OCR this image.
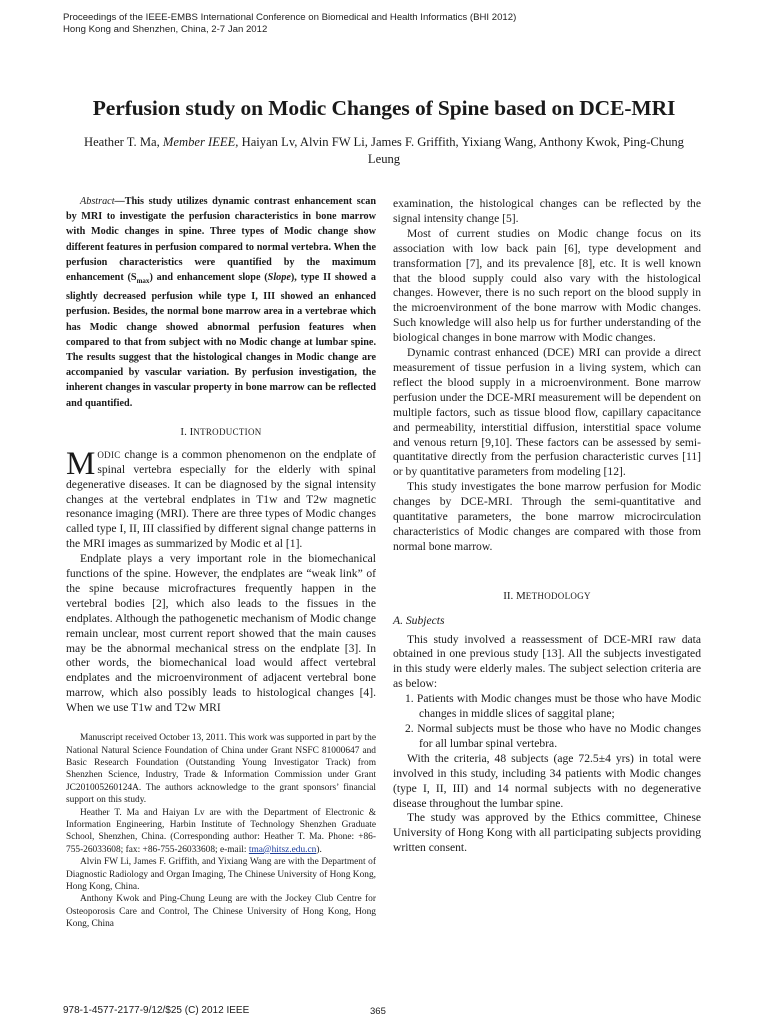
Proceedings of the IEEE-EMBS International Conference on Biomedical and Health Informatics (BHI 2012)
Hong Kong and Shenzhen, China, 2-7 Jan 2012
Perfusion study on Modic Changes of Spine based on DCE-MRI
Heather T. Ma, Member IEEE, Haiyan Lv, Alvin FW Li, James F. Griffith, Yixiang Wang, Anthony Kwok, Ping-Chung Leung

Abstract—This study utilizes dynamic contrast enhancement scan by MRI to investigate the perfusion characteristics in bone marrow with Modic changes in spine. Three types of Modic change show different features in perfusion compared to normal vertebra. When the perfusion characteristics were quantified by the maximum enhancement $(S_{max})$ and enhancement slope (Slope), type II showed a slightly decreased perfusion while type I, III showed an enhanced perfusion. Besides, the normal bone marrow area in a vertebrae which has Modic change showed abnormal perfusion features when compared to that from subject with no Modic change at lumbar spine. The results suggest that the histological changes in Modic change are accompanied by vascular variation. By perfusion investigation, the inherent changes in vascular property in bone marrow can be reflected and quantified.

I. INTRODUCTION

MODIC change is a common phenomenon on the endplate of spinal vertebra especially for the elderly with spinal degenerative diseases. It can be diagnosed by the signal intensity changes at the vertebral endplates in T1w and T2w magnetic resonance imaging (MRI). There are three types of Modic changes called type I, II, III classified by different signal change patterns in the MRI images as summarized by Modic et al [1].

Endplate plays a very important role in the biomechanical functions of the spine. However, the endplates are “weak link” of the spine because microfractures frequently happen in the vertebral bodies [2], which also leads to the fissues in the endplates. Although the pathogenetic mechanism of Modic change remain unclear, most current report showed that the main causes may be the abnormal mechanical stress on the endplate [3]. In other words, the biomechanical load would affect vertebral endplates and the microenvironment of adjacent vertebral bone marrow, which also possibly leads to histological changes [4]. When we use T1w and T2w MRI

Manuscript received October 13, 2011. This work was supported in part by the National Natural Science Foundation of China under Grant NSFC 81000647 and Basic Research Foundation (Outstanding Young Investigator Track) from Shenzhen Science, Industry, Trade & Information Commission under Grant JC201005260124A. The authors acknowledge to the grant sponsors’ financial support on this study.

Heather T. Ma and Haiyan Lv are with the Department of Electronic & Information Engineering, Harbin Institute of Technology Shenzhen Graduate School, Shenzhen, China. (Corresponding author: Heather T. Ma. Phone: +86-755-26033608; fax: +86-755-26033608; e-mail: tma@hitsz.edu.cn).

Alvin FW Li, James F. Griffith, and Yixiang Wang are with the Department of Diagnostic Radiology and Organ Imaging, The Chinese University of Hong Kong, Hong Kong, China.

Anthony Kwok and Ping-Chung Leung are with the Jockey Club Centre for Osteoporosis Care and Control, The Chinese University of Hong Kong, Hong Kong, China

examination, the histological changes can be reflected by the signal intensity change [5].

Most of current studies on Modic change focus on its association with low back pain [6], type development and transformation [7], and its prevalence [8], etc. It is well known that the blood supply could also vary with the histological changes. However, there is no such report on the blood supply in the microenvironment of the bone marrow with Modic changes. Such knowledge will also help us for further understanding of the biological changes in bone marrow with Modic changes.

Dynamic contrast enhanced (DCE) MRI can provide a direct measurement of tissue perfusion in a living system, which can reflect the blood supply in a microenvironment. Bone marrow perfusion under the DCE-MRI measurement will be dependent on multiple factors, such as tissue blood flow, capillary capacitance and permeability, interstitial diffusion, interstitial space volume and venous return [9,10]. These factors can be assessed by semi-quantitative directly from the perfusion characteristic curves [11] or by quantitative parameters from modeling [12].

This study investigates the bone marrow perfusion for Modic changes by DCE-MRI. Through the semi-quantitative and quantitative parameters, the bone marrow microcirculation characteristics of Modic changes are compared with those from normal bone marrow.

II. METHODOLOGY

A. Subjects

This study involved a reassessment of DCE-MRI raw data obtained in one previous study [13]. All the subjects investigated in this study were elderly males. The subject selection criteria are as below:

1. Patients with Modic changes must be those who have Modic changes in middle slices of saggital plane;

2. Normal subjects must be those who have no Modic changes for all lumbar spinal vertebra.

With the criteria, 48 subjects (age 72.5±4 yrs) in total were involved in this study, including 34 patients with Modic changes (type I, II, III) and 14 normal subjects with no degenerative disease throughout the lumbar spine.

The study was approved by the Ethics committee, Chinese University of Hong Kong with all participating subjects providing written consent.

978-1-4577-2177-9/12/$25 (C) 2012 IEEE	365
